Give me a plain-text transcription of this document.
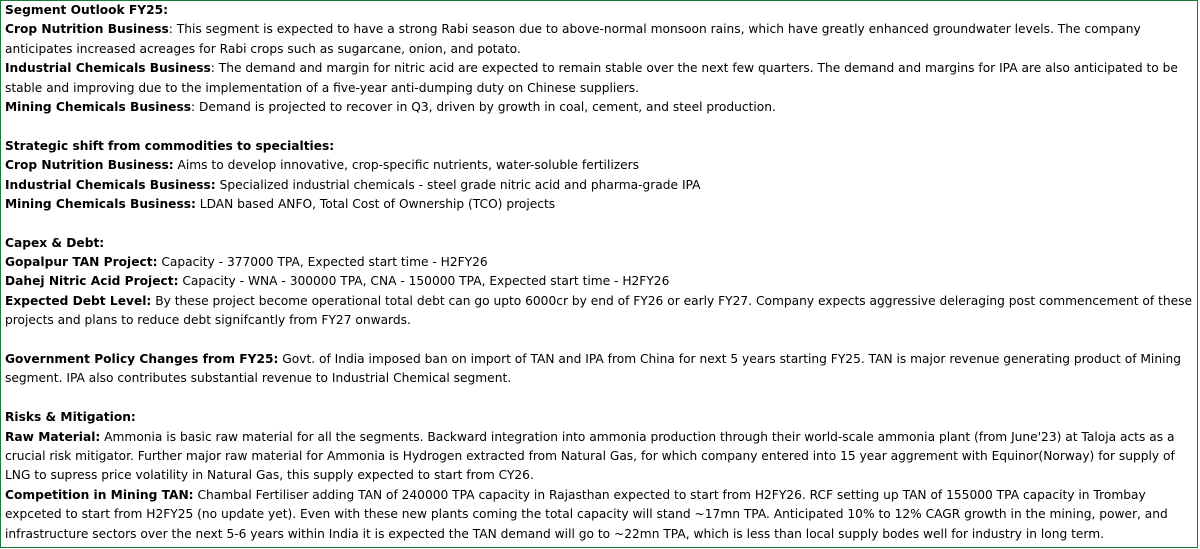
Segment Outlook FY25:
Crop Nutrition Business: This segment is expected to have a strong Rabi season due to above-normal monsoon rains, which have greatly enhanced groundwater levels. The company
anticipates increased acreages for Rabi crops such as sugarcane, onion, and potato.
Industrial Chemicals Business: The demand and margin for nitric acid are expected to remain stable over the next few quarters. The demand and margins for IPA are also anticipated to be
stable and improving due to the implementation of a five-year anti-dumping duty on Chinese suppliers.
Mining Chemicals Business: Demand is projected to recover in Q3, driven by growth in coal, cement, and steel production.
Strategic shift from commodities to specialties:
Crop Nutrition Business: Aims to develop innovative, crop-specific nutrients, water-soluble fertilizers
Industrial Chemicals Business: Specialized industrial chemicals - steel grade nitric acid and pharma-grade IPA
Mining Chemicals Business: LDAN based ANFO, Total Cost of Ownership (TCO) projects
Capex & Debt:
Gopalpur TAN Project: Capacity - 377000 TPA, Expected start time - H2FY26
Dahej Nitric Acid Project: Capacity - WNA - 300000 TPA, CNA - 150000 TPA, Expected start time - H2FY26
Expected Debt Level: By these project become operational total debt can go upto 6000cr by end of FY26 or early FY27. Company expects aggressive deleraging post commencement of these
projects and plans to reduce debt signifcantly from FY27 onwards.
Government Policy Changes from FY25: Govt. of India imposed ban on import of TAN and IPA from China for next 5 years starting FY25. TAN is major revenue generating product of Mining
segment. IPA also contributes substantial revenue to Industrial Chemical segment.
Risks & Mitigation:
Raw Material: Ammonia is basic raw material for all the segments. Backward integration into ammonia production through their world-scale ammonia plant (from June'23) at Taloja acts as a
crucial risk mitigator. Further major raw material for Ammonia is Hydrogen extracted from Natural Gas, for which company entered into 15 year aggrement with Equinor(Norway) for supply of
LNG to supress price volatility in Natural Gas, this supply expected to start from CY26.
Competition in Mining TAN: Chambal Fertiliser adding TAN of 240000 TPA capacity in Rajasthan expected to start from H2FY26. RCF setting up TAN of 155000 TPA capacity in Trombay
expceted to start from H2FY25 (no update yet). Even with these new plants coming the total capacity will stand ~17mn TPA. Anticipated 10% to 12% CAGR growth in the mining, power, and
infrastructure sectors over the next 5-6 years within India it is expected the TAN demand will go to ~22mn TPA, which is less than local supply bodes well for industry in long term.
